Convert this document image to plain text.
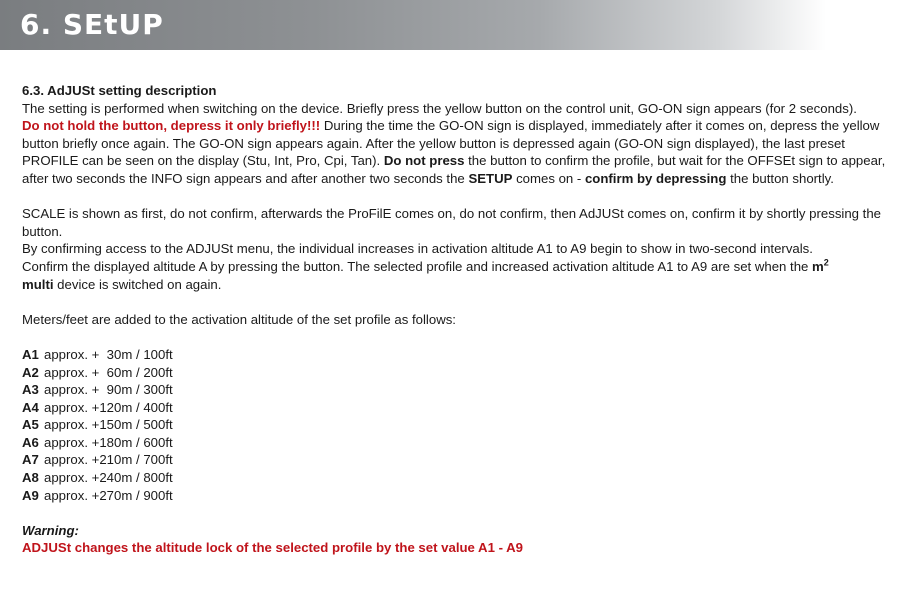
6. SEtUP

6.3. AdJUSt setting description

The setting is performed when switching on the device. Briefly press the yellow button on the control unit, GO-ON sign appears (for 2 seconds).
Do not hold the button, depress it only briefly!!! During the time the GO-ON sign is displayed, immediately after it comes on, depress the yellow button briefly once again. The GO-ON sign appears again. After the yellow button is depressed again (GO-ON sign displayed), the last preset PROFILE can be seen on the display (Stu, Int, Pro, Cpi, Tan). Do not press the button to confirm the profile, but wait for the OFFSEt sign to appear, after two seconds the INFO sign appears and after another two seconds the SETUP comes on - confirm by depressing the button shortly.

SCALE is shown as first, do not confirm, afterwards the ProFilE comes on, do not confirm, then AdJUSt comes on, confirm it by shortly pressing the button.

By confirming access to the ADJUSt menu, the individual increases in activation altitude A1 to A9 begin to show in two-second intervals.

Confirm the displayed altitude A by pressing the button. The selected profile and increased activation altitude A1 to A9 are set when the $m^2$
multi device is switched on again.

Meters/feet are added to the activation altitude of the set profile as follows:

A1 approx. +  30m / 100ft
A2 approx. +  60m / 200ft
A3 approx. +  90m / 300ft
A4 approx. +120m / 400ft
A5 approx. +150m / 500ft
A6 approx. +180m / 600ft
A7 approx. +210m / 700ft
A8 approx. +240m / 800ft
A9 approx. +270m / 900ft

Warning:

ADJUSt changes the altitude lock of the selected profile by the set value A1 - A9
